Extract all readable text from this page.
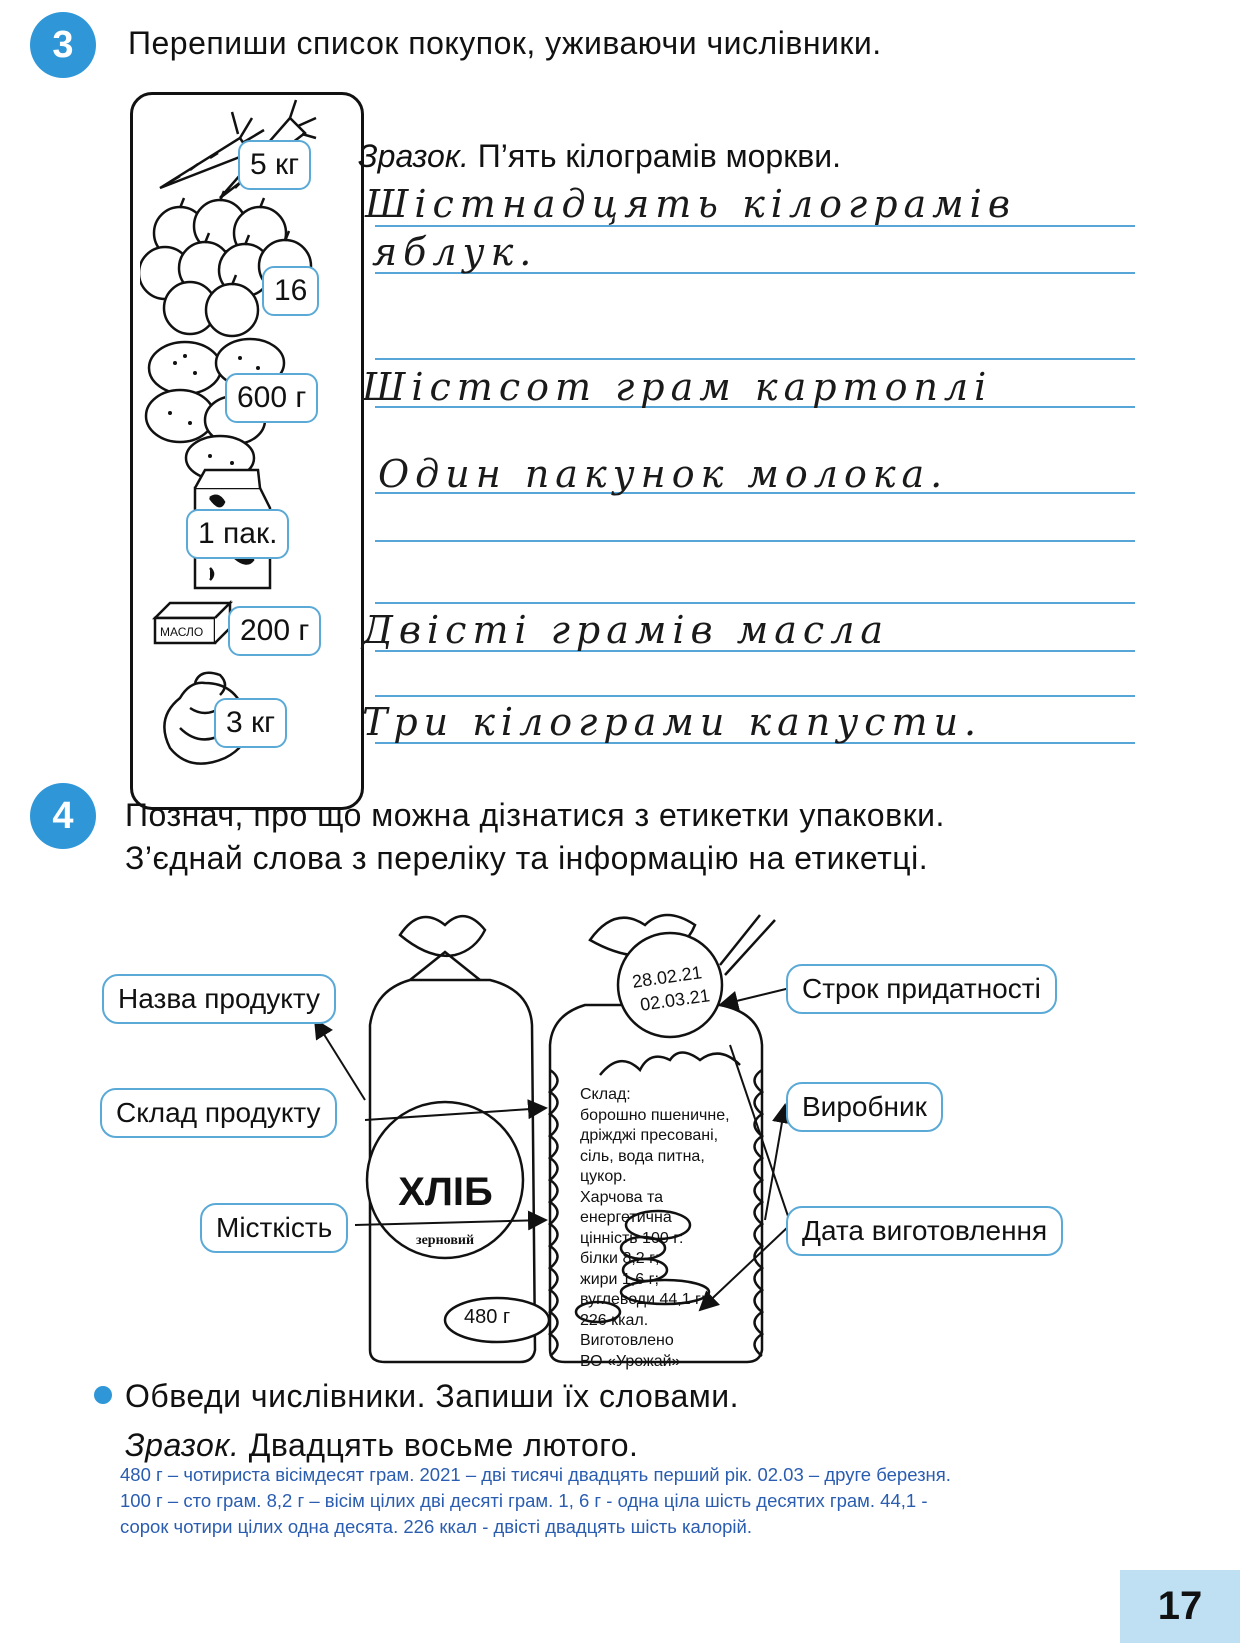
3	Перепиши список покупок, уживаючи числівники.
МАСЛО
5 кг
16
600 г
1 пак.
200 г
3 кг
Зразок. П’ять кілограмів моркви.
Шістнадцять кілограмів
яблук.
Шістсот грам картоплі
Один пакунок молока.
Двісті грамів масла
Три кілограми капусти.
4	Познач, про що можна дізнатися з етикетки упаковки.
З’єднай слова з переліку та інформацію на етикетці.
ХЛІБ
зерновий
480 г
28.02.21
02.03.21
Склад:
борошно пшеничне,
дріжджі пресовані,
сіль, вода питна,
цукор.
Харчова та
енергетична
цінність 100 г:
білки 8,2 г;
жири 1,6 г;
вуглеводи 44,1 г;
226 ккал.
Виготовлено
ВО «Урожай»
Назва продукту
Склад продукту
Місткість
Строк придатності
Виробник
Дата виготовлення
Обведи числівники. Запиши їх словами.
Зразок. Двадцять восьме лютого.
480 г – чотириста вісімдесят грам. 2021 – дві тисячі двадцять перший рік. 02.03 – друге березня.
100 г – сто грам. 8,2 г – вісім цілих дві десяті грам. 1, 6 г - одна ціла шість десятих грам. 44,1 -
сорок чотири цілих одна десята. 226 ккал - двісті двадцять шість калорій.
17
